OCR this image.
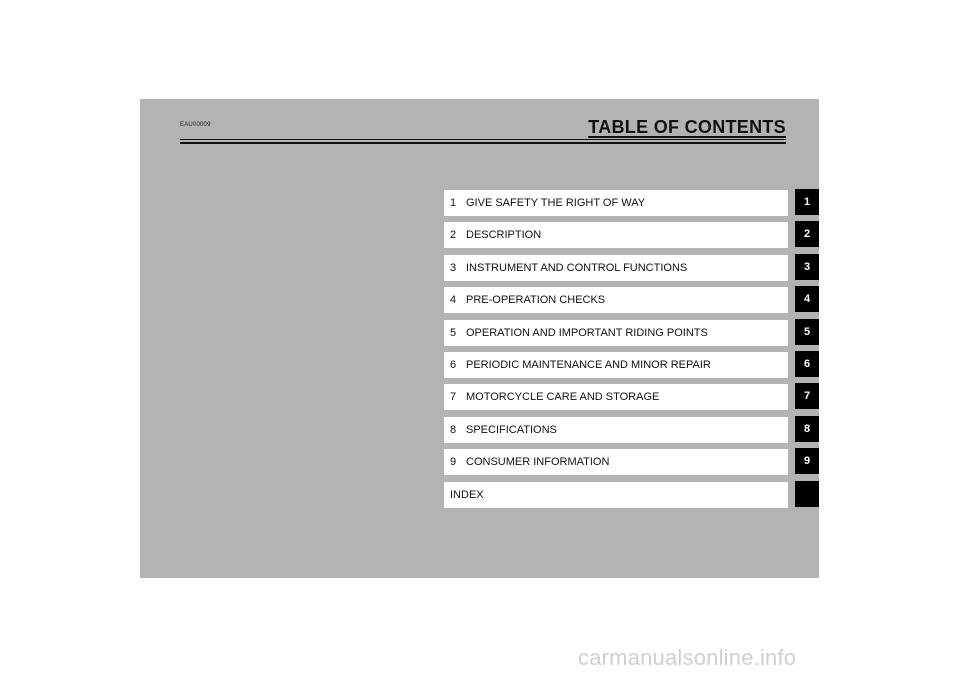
EAU00009	TABLE OF CONTENTS
1 GIVE SAFETY THE RIGHT OF WAY
2 DESCRIPTION
3 INSTRUMENT AND CONTROL FUNCTIONS
4 PRE-OPERATION CHECKS
5 OPERATION AND IMPORTANT RIDING POINTS
6 PERIODIC MAINTENANCE AND MINOR REPAIR
7 MOTORCYCLE CARE AND STORAGE
8 SPECIFICATIONS
9 CONSUMER INFORMATION
INDEX
1
2
3
4
5
6
7
8
9
carmanualsonline.info
